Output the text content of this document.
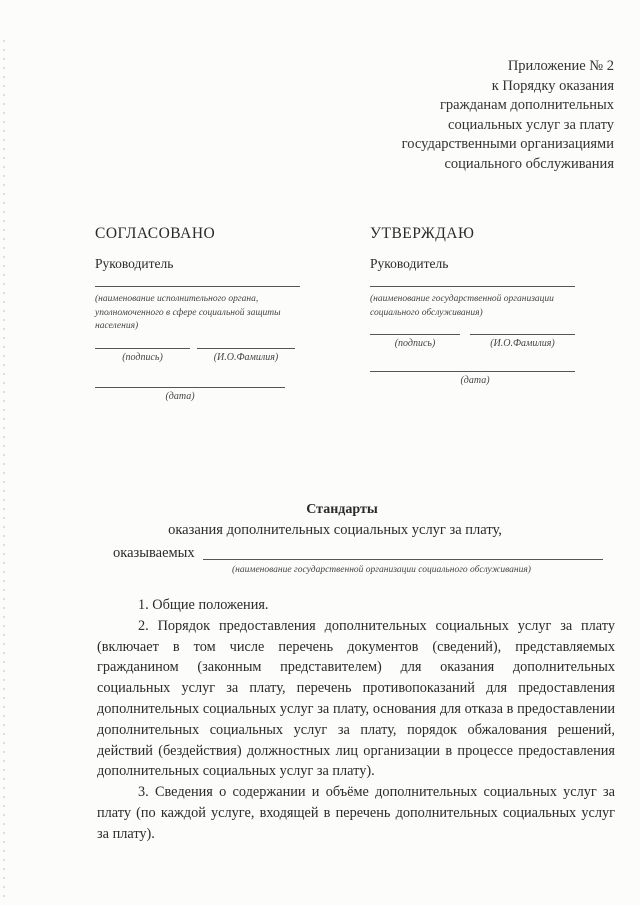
Приложение № 2
к Порядку оказания
гражданам дополнительных
социальных услуг за плату
государственными организациями
социального обслуживания
СОГЛАСОВАНО
Руководитель
(наименование исполнительного органа, уполномоченного в сфере социальной защиты населения)
(подпись)	(И.О.Фамилия)
(дата)
УТВЕРЖДАЮ
Руководитель
(наименование государственной организации социального обслуживания)
(подпись)	(И.О.Фамилия)
(дата)
Стандарты
оказания дополнительных социальных услуг за плату,
оказываемых
(наименование государственной организации социального обслуживания)

1. Общие положения.

2. Порядок предоставления дополнительных социальных услуг за плату (включает в том числе перечень документов (сведений), представляемых гражданином (законным представителем) для оказания дополнительных социальных услуг за плату, перечень противопоказаний для предоставления дополнительных социальных услуг за плату, основания для отказа в предоставлении дополнительных социальных услуг за плату, порядок обжалования решений, действий (бездействия) должностных лиц организации в процессе предоставления дополнительных социальных услуг за плату).

3. Сведения о содержании и объёме дополнительных социальных услуг за плату (по каждой услуге, входящей в перечень дополнительных социальных услуг за плату).
